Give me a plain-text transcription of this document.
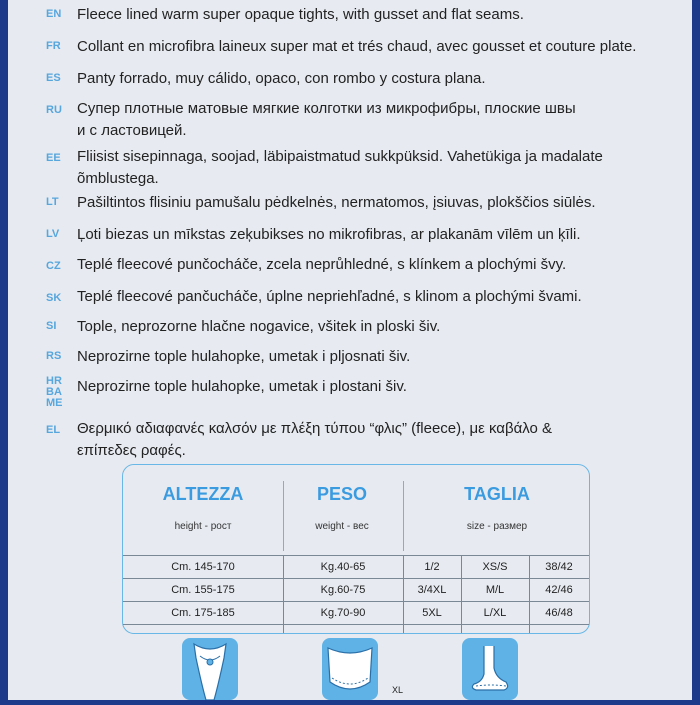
EN	Fleece lined warm super opaque tights, with gusset and flat seams.
FR	Collant en microfibra laineux super mat et trés chaud, avec gousset et couture plate.
ES	Panty forrado, muy cálido, opaco, con rombo y costura plana.
RU	Супер плотные матовые мягкие колготки из микрофибры, плоские швы
и с ластовицей.
EE	Fliisist sisepinnaga, soojad, läbipaistmatud sukkpüksid. Vahetükiga ja madalate
õmblustega.
LT	Pašiltintos flisiniu pamušalu pėdkelnės, nermatomos, įsiuvas, plokščios siūlės.
LV	Ļoti biezas un mīkstas zeķubikses no mikrofibras, ar plakanām vīlēm un ķīli.
CZ	Teplé fleecové punčocháče, zcela neprůhledné, s klínkem a plochými švy.
SK	Teplé fleecové pančucháče, úplne nepriehľadné, s klinom a plochými švami.
SI	Tople, neprozorne hlačne nogavice, všitek in ploski šiv.
RS	Neprozirne tople hulahopke, umetak i pljosnati šiv.
HR BA ME
Neprozirne tople hulahopke, umetak i plostani šiv.
EL	Θερμικό αδιαφανές καλσόν με πλέξη τύπου “φλις” (fleece), με καβάλο &
επίπεδες ραφές.
ALTEZZA
height - рост
PESO
weight - вес
TAGLIA
size - размер
Cm. 145-170	Kg.40-65	1/2	XS/S	38/42
Cm. 155-175	Kg.60-75	3/4XL	M/L	42/46
Cm. 175-185	Kg.70-90	5XL	L/XL	46/48
XL
